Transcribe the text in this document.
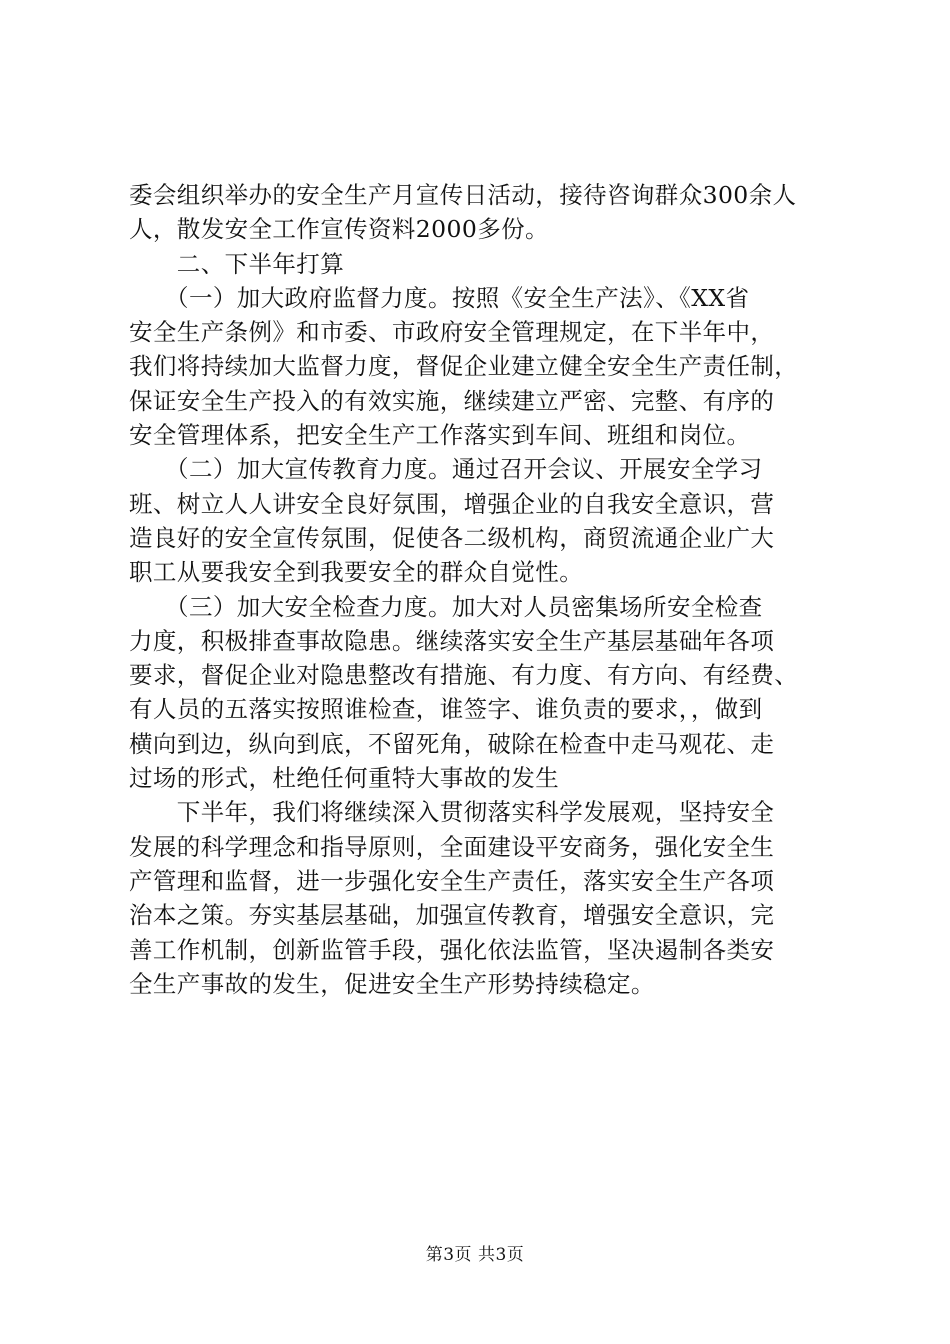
委会组织举办的安全生产月宣传日活动，接待咨询群众300余人
人，散发安全工作宣传资料2000多份。
　　二、下半年打算
　　（一）加大政府监督力度。按照《安全生产法》、《XX省
安全生产条例》和市委、市政府安全管理规定，在下半年中，
我们将持续加大监督力度，督促企业建立健全安全生产责任制，
保证安全生产投入的有效实施，继续建立严密、完整、有序的
安全管理体系，把安全生产工作落实到车间、班组和岗位。
　　（二）加大宣传教育力度。通过召开会议、开展安全学习
班、树立人人讲安全良好氛围，增强企业的自我安全意识，营
造良好的安全宣传氛围，促使各二级机构，商贸流通企业广大
职工从要我安全到我要安全的群众自觉性。
　　（三）加大安全检查力度。加大对人员密集场所安全检查
力度，积极排查事故隐患。继续落实安全生产基层基础年各项
要求，督促企业对隐患整改有措施、有力度、有方向、有经费、
有人员的五落实按照谁检查，谁签字、谁负责的要求，，做到
横向到边，纵向到底，不留死角，破除在检查中走马观花、走
过场的形式，杜绝任何重特大事故的发生
　　下半年，我们将继续深入贯彻落实科学发展观，坚持安全
发展的科学理念和指导原则，全面建设平安商务，强化安全生
产管理和监督，进一步强化安全生产责任，落实安全生产各项
治本之策。夯实基层基础，加强宣传教育，增强安全意识，完
善工作机制，创新监管手段，强化依法监管，坚决遏制各类安
全生产事故的发生，促进安全生产形势持续稳定。
第3页 共3页
